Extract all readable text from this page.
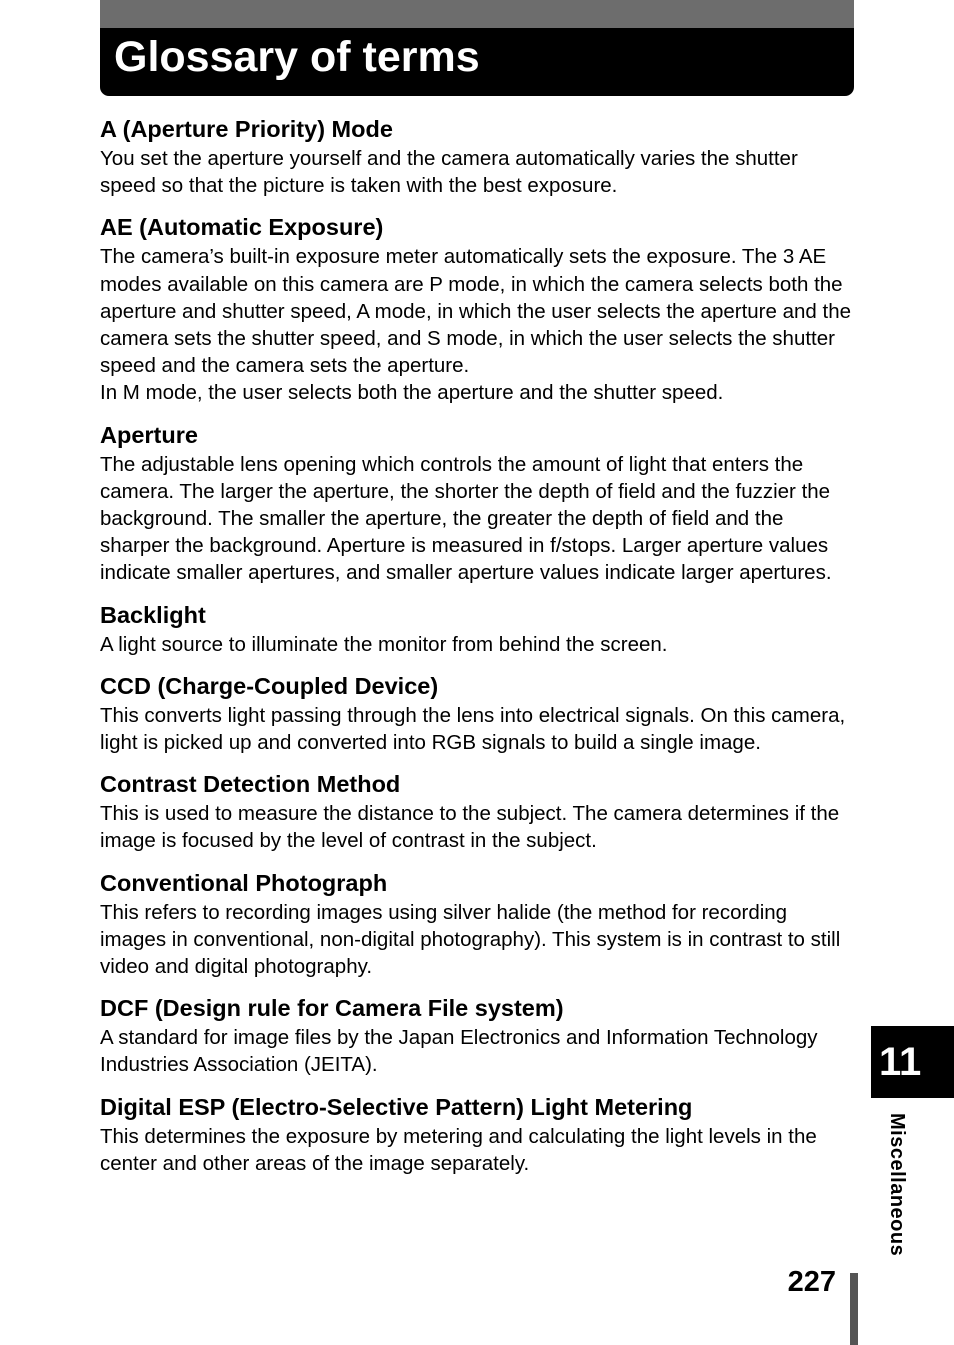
Glossary of terms
A (Aperture Priority) Mode

You set the aperture yourself and the camera automatically varies the shutter speed so that the picture is taken with the best exposure.

AE (Automatic Exposure)

The camera’s built-in exposure meter automatically sets the exposure. The 3 AE modes available on this camera are P mode, in which the camera selects both the aperture and shutter speed, A mode, in which the user selects the aperture and the camera sets the shutter speed, and S mode, in which the user selects the shutter speed and the camera sets the aperture.

In M mode, the user selects both the aperture and the shutter speed.

Aperture

The adjustable lens opening which controls the amount of light that enters the camera. The larger the aperture, the shorter the depth of field and the fuzzier the background. The smaller the aperture, the greater the depth of field and the sharper the background. Aperture is measured in f/stops. Larger aperture values indicate smaller apertures, and smaller aperture values indicate larger apertures.

Backlight

A light source to illuminate the monitor from behind the screen.

CCD (Charge-Coupled Device)

This converts light passing through the lens into electrical signals. On this camera, light is picked up and converted into RGB signals to build a single image.

Contrast Detection Method

This is used to measure the distance to the subject. The camera determines if the image is focused by the level of contrast in the subject.

Conventional Photograph

This refers to recording images using silver halide (the method for recording images in conventional, non-digital photography). This system is in contrast to still video and digital photography.

DCF (Design rule for Camera File system)

A standard for image files by the Japan Electronics and Information Technology Industries Association (JEITA).

Digital ESP (Electro-Selective Pattern) Light Metering

This determines the exposure by metering and calculating the light levels in the center and other areas of the image separately.

11
Miscellaneous
227
